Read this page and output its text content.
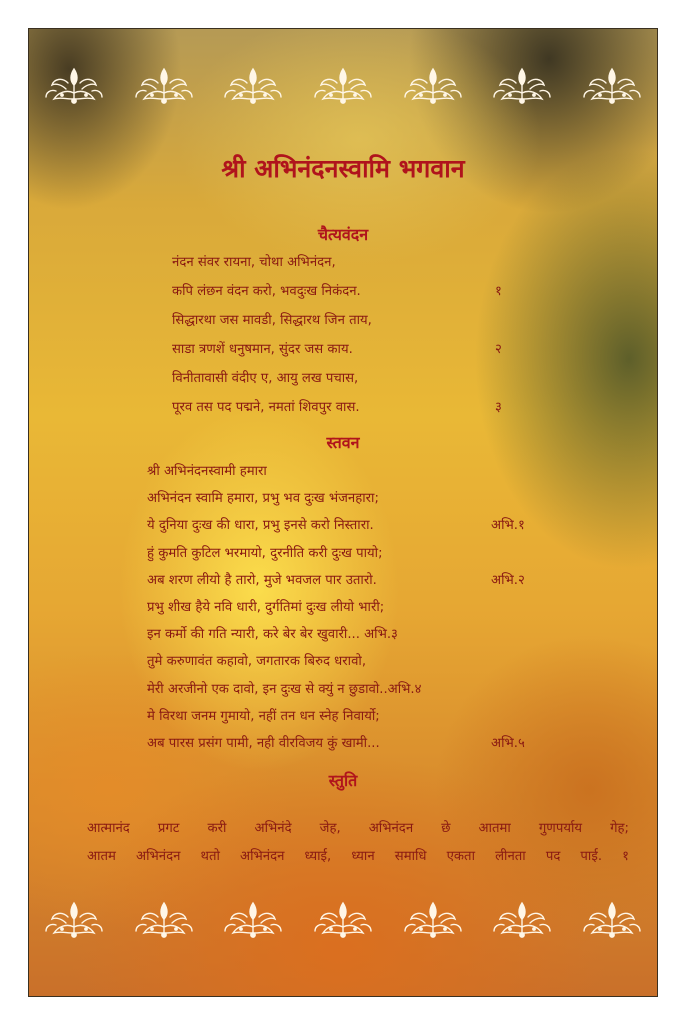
श्री अभिनंदनस्वामि भगवान
चैत्यवंदन
नंदन संवर रायना, चोथा अभिनंदन,
कपि लंछन वंदन करो, भवदुःख निकंदन.	१
सिद्धारथा जस मावडी, सिद्धारथ जिन ताय,
साडा त्रणशें धनुषमान, सुंदर जस काय.	२
विनीतावासी वंदीए ए, आयु लख पचास,
पूरव तस पद पद्मने, नमतां शिवपुर वास.	३
स्तवन
श्री अभिनंदनस्वामी हमारा
अभिनंदन स्वामि हमारा, प्रभु भव दुःख भंजनहारा;
ये दुनिया दुःख की धारा, प्रभु इनसे करो निस्तारा.	अभि.१
हुं कुमति कुटिल भरमायो, दुरनीति करी दुःख पायो;
अब शरण लीयो है तारो, मुजे भवजल पार उतारो.	अभि.२
प्रभु शीख हैये नवि धारी, दुर्गतिमां दुःख लीयो भारी;
इन कर्मो की गति न्यारी, करे बेर बेर खुवारी... अभि.३
तुमे करुणावंत कहावो, जगतारक बिरुद धरावो,
मेरी अरजीनो एक दावो, इन दुःख से क्युं न छुडावो..अभि.४
मे विरथा जनम गुमायो, नहीं तन धन स्नेह निवार्यो;
अब पारस प्रसंग पामी, नही वीरविजय कुं खामी...	अभि.५
स्तुति
आत्मानंद प्रगट करी अभिनंदे जेह, अभिनंदन छे आतमा गुणपर्याय गेह;
आतम अभिनंदन थतो अभिनंदन ध्याई, ध्यान समाधि एकता लीनता पद पाई. १
